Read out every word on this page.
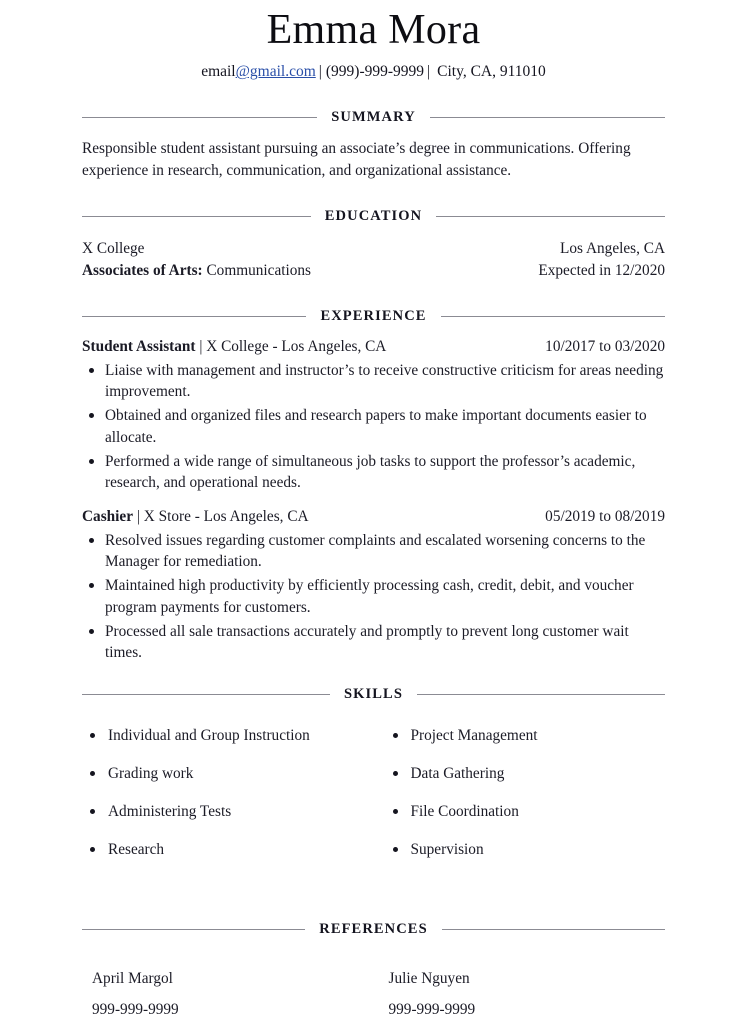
Emma Mora
email@gmail.com | (999)-999-9999 | City, CA, 911010
SUMMARY

Responsible student assistant pursuing an associate’s degree in communications. Offering experience in research, communication, and organizational assistance.

EDUCATION
X College	Los Angeles, CA
Associates of Arts: Communications	Expected in 12/2020
EXPERIENCE
Student Assistant | X College - Los Angeles, CA	10/2017 to 03/2020
Liaise with management and instructor’s to receive constructive criticism for areas needing improvement.
Obtained and organized files and research papers to make important documents easier to allocate.
Performed a wide range of simultaneous job tasks to support the professor’s academic, research, and operational needs.
Cashier | X Store - Los Angeles, CA	05/2019 to 08/2019
Resolved issues regarding customer complaints and escalated worsening concerns to the Manager for remediation.
Maintained high productivity by efficiently processing cash, credit, debit, and voucher program payments for customers.
Processed all sale transactions accurately and promptly to prevent long customer wait times.
SKILLS
Individual and Group Instruction
Grading work
Administering Tests
Research
Project Management
Data Gathering
File Coordination
Supervision
REFERENCES
April Margol
999-999-9999
Julie Nguyen
999-999-9999
